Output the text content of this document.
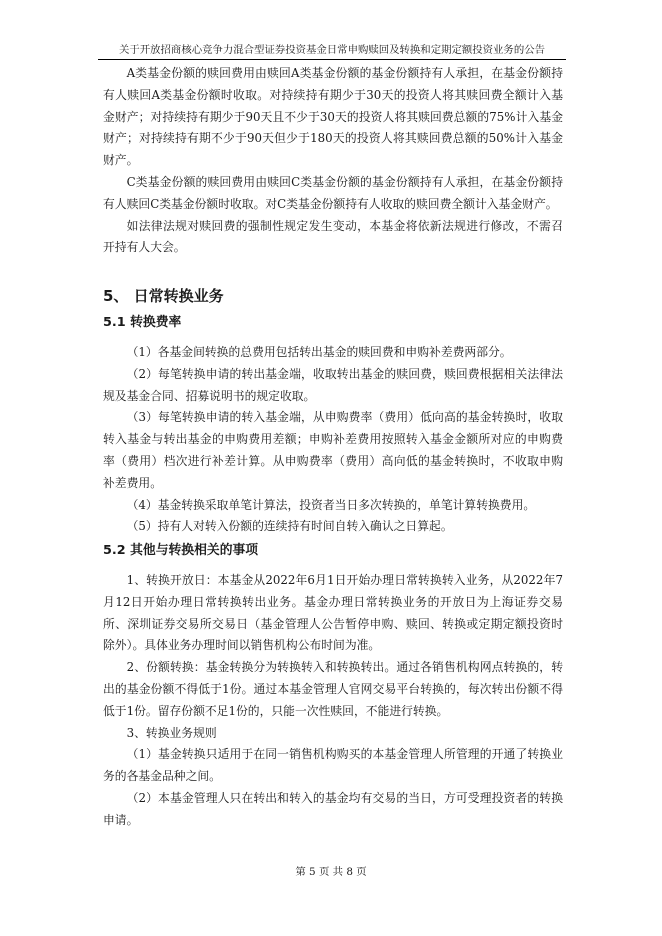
关于开放招商核心竞争力混合型证券投资基金日常申购赎回及转换和定期定额投资业务的公告

A类基金份额的赎回费用由赎回A类基金份额的基金份额持有人承担，在基金份额持有人赎回A类基金份额时收取。对持续持有期少于30天的投资人将其赎回费全额计入基金财产；对持续持有期少于90天且不少于30天的投资人将其赎回费总额的75%计入基金财产；对持续持有期不少于90天但少于180天的投资人将其赎回费总额的50%计入基金财产。

C类基金份额的赎回费用由赎回C类基金份额的基金份额持有人承担，在基金份额持有人赎回C类基金份额时收取。对C类基金份额持有人收取的赎回费全额计入基金财产。

如法律法规对赎回费的强制性规定发生变动，本基金将依新法规进行修改，不需召开持有人大会。

5、 日常转换业务
5.1 转换费率

（1）各基金间转换的总费用包括转出基金的赎回费和申购补差费两部分。

（2）每笔转换申请的转出基金端，收取转出基金的赎回费，赎回费根据相关法律法规及基金合同、招募说明书的规定收取。

（3）每笔转换申请的转入基金端，从申购费率（费用）低向高的基金转换时，收取转入基金与转出基金的申购费用差额；申购补差费用按照转入基金金额所对应的申购费率（费用）档次进行补差计算。从申购费率（费用）高向低的基金转换时，不收取申购补差费用。

（4）基金转换采取单笔计算法，投资者当日多次转换的，单笔计算转换费用。

（5）持有人对转入份额的连续持有时间自转入确认之日算起。

5.2 其他与转换相关的事项

1、转换开放日：本基金从2022年6月1日开始办理日常转换转入业务，从2022年7月12日开始办理日常转换转出业务。基金办理日常转换业务的开放日为上海证券交易所、深圳证券交易所交易日（基金管理人公告暂停申购、赎回、转换或定期定额投资时除外）。具体业务办理时间以销售机构公布时间为准。

2、份额转换：基金转换分为转换转入和转换转出。通过各销售机构网点转换的，转出的基金份额不得低于1份。通过本基金管理人官网交易平台转换的，每次转出份额不得低于1份。留存份额不足1份的，只能一次性赎回，不能进行转换。

3、转换业务规则

（1）基金转换只适用于在同一销售机构购买的本基金管理人所管理的开通了转换业务的各基金品种之间。

（2）本基金管理人只在转出和转入的基金均有交易的当日，方可受理投资者的转换申请。

第 5 页 共 8 页
